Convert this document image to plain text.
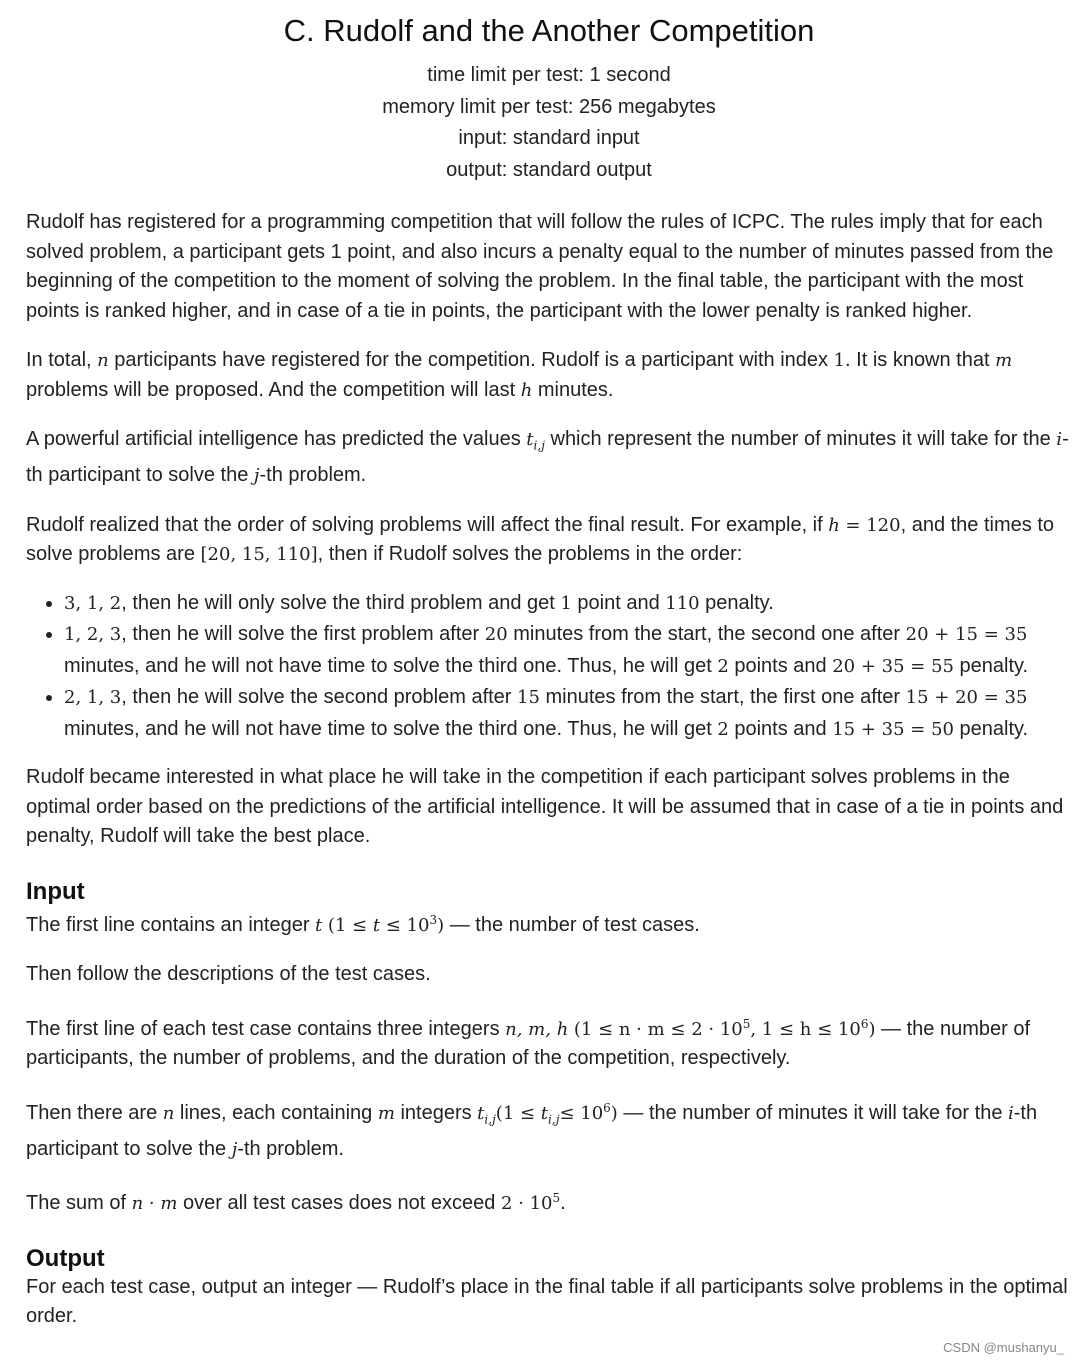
C. Rudolf and the Another Competition
time limit per test: 1 second
memory limit per test: 256 megabytes
input: standard input
output: standard output

Rudolf has registered for a programming competition that will follow the rules of ICPC. The rules imply that for each solved problem, a participant gets 1 point, and also incurs a penalty equal to the number of minutes passed from the beginning of the competition to the moment of solving the problem. In the final table, the participant with the most points is ranked higher, and in case of a tie in points, the participant with the lower penalty is ranked higher.

In total, n participants have registered for the competition. Rudolf is a participant with index 1. It is known that m problems will be proposed. And the competition will last h minutes.

A powerful artificial intelligence has predicted the values $t_{i,j}$ which represent the number of minutes it will take for the i-th participant to solve the j-th problem.

Rudolf realized that the order of solving problems will affect the final result. For example, if h = 120, and the times to solve problems are [20, 15, 110], then if Rudolf solves the problems in the order:

• 3, 1, 2, then he will only solve the third problem and get 1 point and 110 penalty.
• 1, 2, 3, then he will solve the first problem after 20 minutes from the start, the second one after 20 + 15 = 35 minutes, and he will not have time to solve the third one. Thus, he will get 2 points and 20 + 35 = 55 penalty.
• 2, 1, 3, then he will solve the second problem after 15 minutes from the start, the first one after 15 + 20 = 35 minutes, and he will not have time to solve the third one. Thus, he will get 2 points and 15 + 35 = 50 penalty.

Rudolf became interested in what place he will take in the competition if each participant solves problems in the optimal order based on the predictions of the artificial intelligence. It will be assumed that in case of a tie in points and penalty, Rudolf will take the best place.

Input

The first line contains an integer t $(1 \le t \le 10^3)$ — the number of test cases.

Then follow the descriptions of the test cases.

The first line of each test case contains three integers n, m, h ($1 \le n \cdot m \le 2 \cdot 10^5$, $1 \le h \le 10^6$) — the number of participants, the number of problems, and the duration of the competition, respectively.

Then there are n lines, each containing m integers $t_{i,j}(1 \le t_{i,j}\le 10^6)$ — the number of minutes it will take for the i-th participant to solve the j-th problem.

The sum of n · m over all test cases does not exceed $2 \cdot 10^5$.

Output

For each test case, output an integer — Rudolf’s place in the final table if all participants solve problems in the optimal order.

CSDN @mushanyu_
